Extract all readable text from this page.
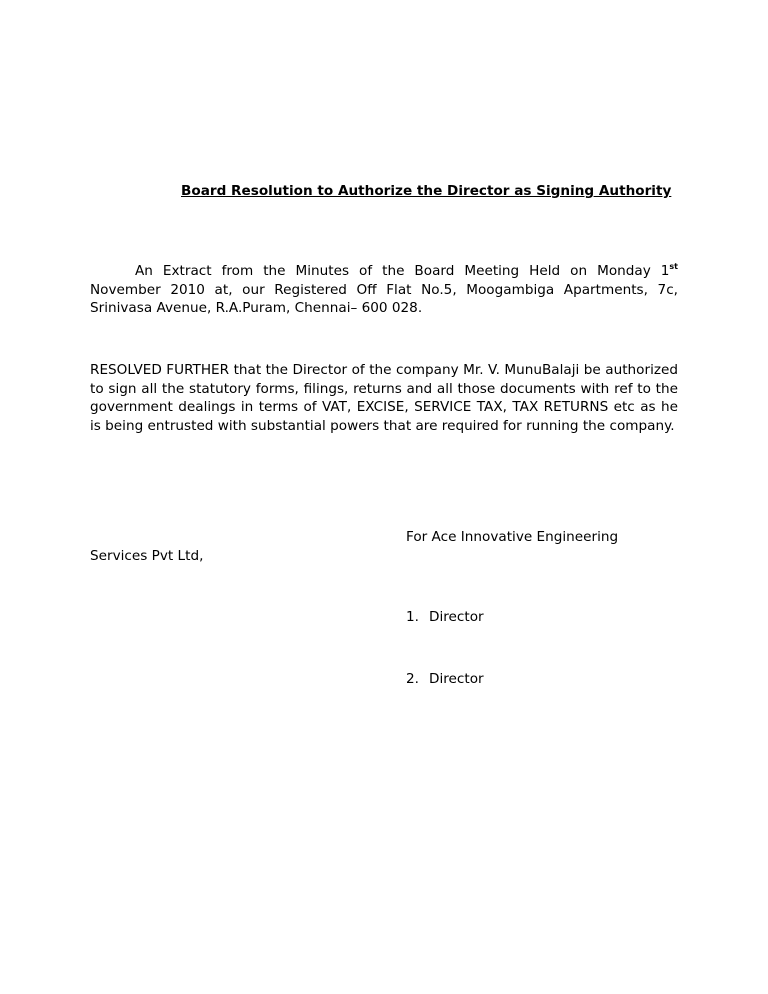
Board Resolution to Authorize the Director as Signing Authority
An Extract from the Minutes of the Board Meeting Held on Monday 1st November 2010 at, our Registered Off Flat No.5, Moogambiga Apartments, 7c, Srinivasa Avenue, R.A.Puram, Chennai– 600 028.
RESOLVED FURTHER that the Director of the company Mr. V. MunuBalaji be authorized to sign all the statutory forms, filings, returns and all those documents with ref to the government dealings in terms of VAT, EXCISE, SERVICE TAX, TAX RETURNS etc as he is being entrusted with substantial powers that are required for running the company.
For Ace Innovative Engineering Services Pvt Ltd,
1. Director
2. Director
